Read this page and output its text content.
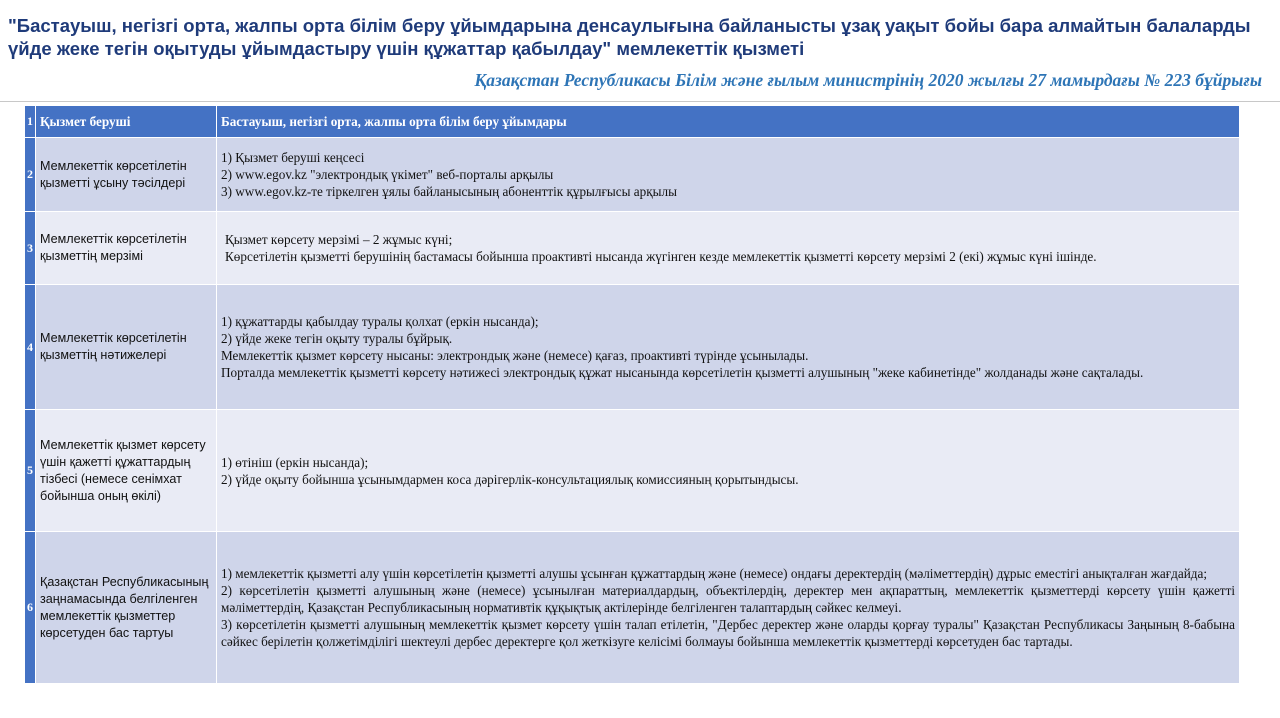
"Бастауыш, негізгі орта, жалпы орта білім беру ұйымдарына денсаулығына байланысты ұзақ уақыт бойы бара алмайтын балаларды үйде жеке тегін оқытуды ұйымдастыру үшін құжаттар қабылдау" мемлекеттік қызметі

Қазақстан Республикасы Білім және ғылым министрінің 2020 жылғы 27 мамырдағы № 223 бұйрығы

1	Қызмет беруші	Бастауыш, негізгі орта, жалпы орта білім беру ұйымдары
2	Мемлекеттік көрсетілетін қызметті ұсыну тәсілдері	1) Қызмет беруші кеңсесі
2) www.egov.kz "электрондық үкімет" веб-порталы арқылы
3) www.egov.kz-те тіркелген ұялы байланысының абоненттік құрылғысы арқылы

3	Мемлекеттік көрсетілетін қызметтің мерзімі	Қызмет көрсету мерзімі – 2 жұмыс күні;
Көрсетілетін қызметті берушінің бастамасы бойынша проактивті нысанда жүгінген кезде мемлекеттік қызметті көрсету мерзімі 2 (екі) жұмыс күні ішінде.

4	Мемлекеттік көрсетілетін қызметтің нәтижелері	1) құжаттарды қабылдау туралы қолхат (еркін нысанда);
2) үйде жеке тегін оқыту туралы бұйрық.
Мемлекеттік қызмет көрсету нысаны: электрондық және (немесе) қағаз, проактивті түрінде ұсынылады.
Порталда мемлекеттік қызметті көрсету нәтижесі электрондық құжат нысанында көрсетілетін қызметті алушының "жеке кабинетінде" жолданады және сақталады.

5	Мемлекеттік қызмет көрсету үшін қажетті құжаттардың тізбесі (немесе сенімхат бойынша оның өкілі)	1) өтініш (еркін нысанда);
2) үйде оқыту бойынша ұсынымдармен коса дәрігерлік-консультациялық комиссияның қорытындысы.

6	Қазақстан Республикасының заңнамасында белгіленген мемлекеттік қызметтер көрсетуден бас тартуы	1) мемлекеттік қызметті алу үшін көрсетілетін қызметті алушы ұсынған құжаттардың және (немесе) ондағы деректердің (мәліметтердің) дұрыс еместігі анықталған жағдайда;
2) көрсетілетін қызметті алушының және (немесе) ұсынылған материалдардың, объектілердің, деректер мен ақпараттың, мемлекеттік қызметтерді көрсету үшін қажетті мәліметтердің, Қазақстан Республикасының нормативтік құқықтық актілерінде белгіленген талаптардың сәйкес келмеуі.
3) көрсетілетін қызметті алушының мемлекеттік қызмет көрсету үшін талап етілетін, "Дербес деректер және оларды қорғау туралы" Қазақстан Республикасы Заңының 8-бабына сәйкес берілетін қолжетімділігі шектеулі дербес деректерге қол жеткізуге келісімі болмауы бойынша мемлекеттік қызметтерді көрсетуден бас тартады.
